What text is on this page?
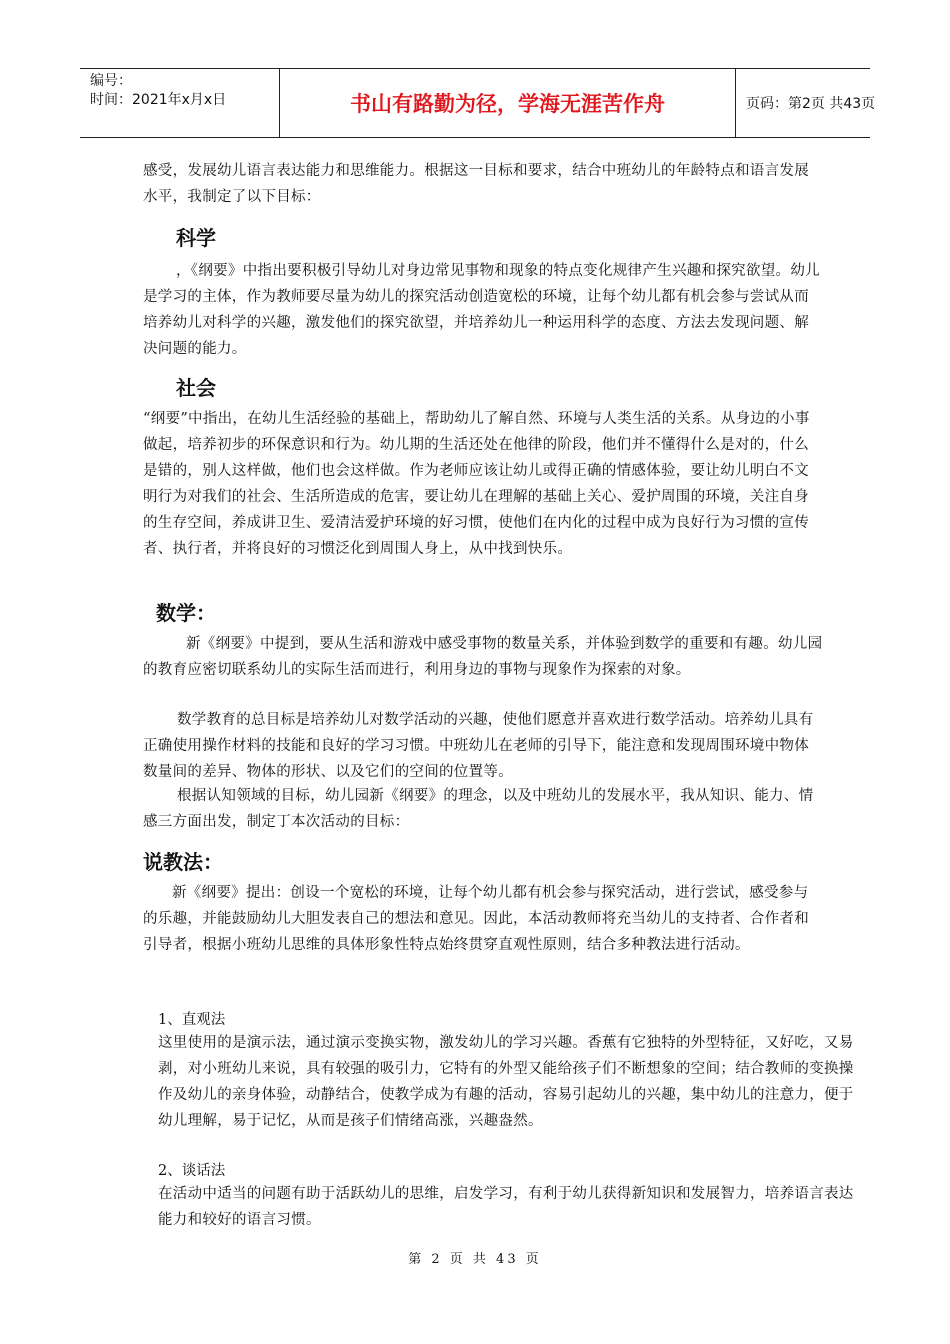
编号：
时间：2021年x月x日	书山有路勤为径，学海无涯苦作舟	页码：第2页 共43页

感受，发展幼儿语言表达能力和思维能力。根据这一目标和要求，结合中班幼儿的年龄特点和语言发展水平，我制定了以下目标：

科学

，《纲要》中指出要积极引导幼儿对身边常见事物和现象的特点变化规律产生兴趣和探究欲望。幼儿是学习的主体，作为教师要尽量为幼儿的探究活动创造宽松的环境，让每个幼儿都有机会参与尝试从而培养幼儿对科学的兴趣，激发他们的探究欲望，并培养幼儿一种运用科学的态度、方法去发现问题、解决问题的能力。

社会

“纲要”中指出，在幼儿生活经验的基础上，帮助幼儿了解自然、环境与人类生活的关系。从身边的小事做起，培养初步的环保意识和行为。幼儿期的生活还处在他律的阶段，他们并不懂得什么是对的，什么是错的，别人这样做，他们也会这样做。作为老师应该让幼儿或得正确的情感体验，要让幼儿明白不文明行为对我们的社会、生活所造成的危害，要让幼儿在理解的基础上关心、爱护周围的环境，关注自身的生存空间，养成讲卫生、爱清洁爱护环境的好习惯，使他们在内化的过程中成为良好行为习惯的宣传者、执行者，并将良好的习惯泛化到周围人身上，从中找到快乐。

数学：

新《纲要》中提到，要从生活和游戏中感受事物的数量关系，并体验到数学的重要和有趣。幼儿园的教育应密切联系幼儿的实际生活而进行，利用身边的事物与现象作为探索的对象。

数学教育的总目标是培养幼儿对数学活动的兴趣，使他们愿意并喜欢进行数学活动。培养幼儿具有正确使用操作材料的技能和良好的学习习惯。中班幼儿在老师的引导下，能注意和发现周围环境中物体数量间的差异、物体的形状、以及它们的空间的位置等。

根据认知领域的目标，幼儿园新《纲要》的理念，以及中班幼儿的发展水平，我从知识、能力、情感三方面出发，制定丁本次活动的目标：

说教法：

新《纲要》提出：创设一个宽松的环境，让每个幼儿都有机会参与探究活动，进行尝试，感受参与的乐趣，并能鼓励幼儿大胆发表自己的想法和意见。因此，本活动教师将充当幼儿的支持者、合作者和引导者，根据小班幼儿思维的具体形象性特点始终贯穿直观性原则，结合多种教法进行活动。

1、直观法

这里使用的是演示法，通过演示变换实物，激发幼儿的学习兴趣。香蕉有它独特的外型特征，又好吃，又易剥，对小班幼儿来说，具有较强的吸引力，它特有的外型又能给孩子们不断想象的空间；结合教师的变换操作及幼儿的亲身体验，动静结合，使教学成为有趣的活动，容易引起幼儿的兴趣，集中幼儿的注意力，便于幼儿理解，易于记忆，从而是孩子们情绪高涨，兴趣盎然。

2、谈话法

在活动中适当的问题有助于活跃幼儿的思维，启发学习，有利于幼儿获得新知识和发展智力，培养语言表达能力和较好的语言习惯。

第 2 页 共 43 页
